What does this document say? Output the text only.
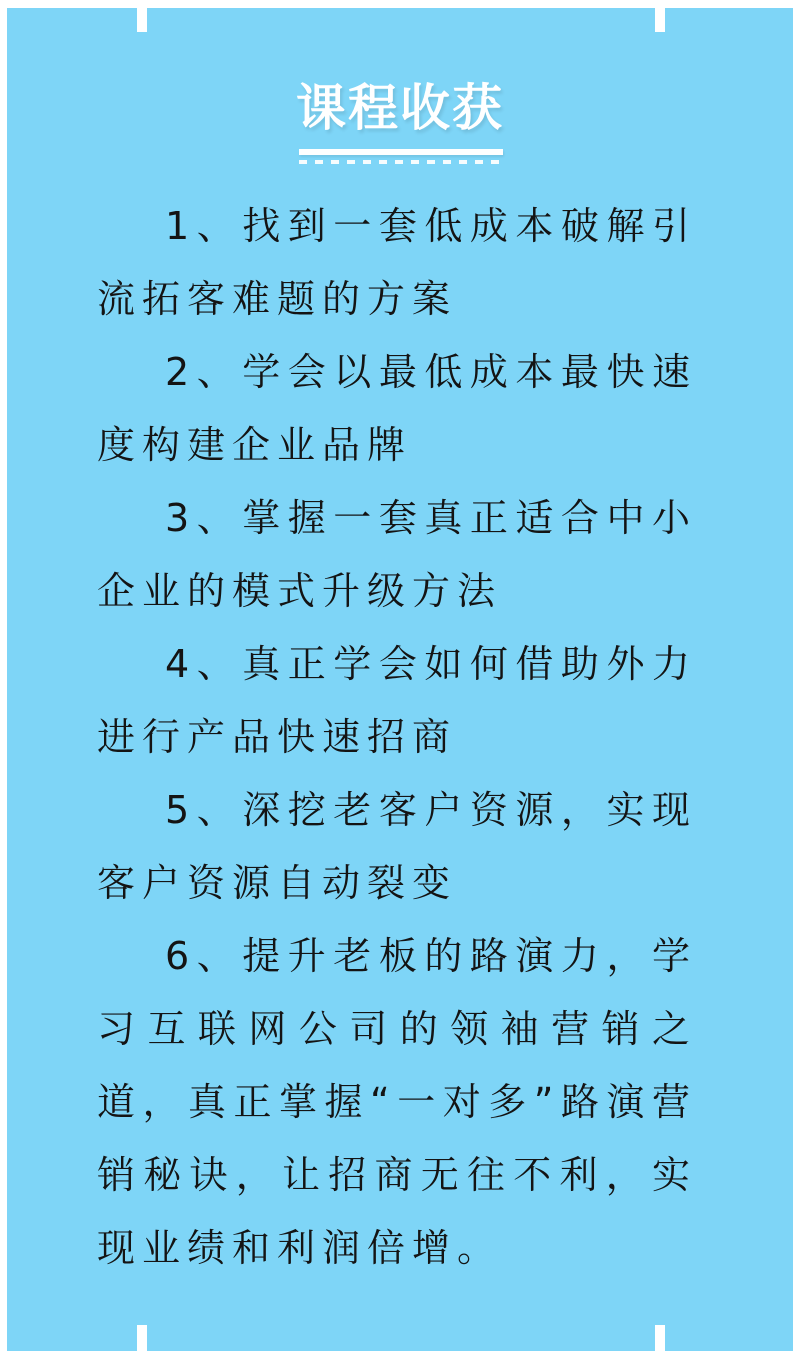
课程收获

1、找到一套低成本破解引流拓客难题的方案

2、学会以最低成本最快速度构建企业品牌

3、掌握一套真正适合中小企业的模式升级方法

4、真正学会如何借助外力进行产品快速招商

5、深挖老客户资源，实现客户资源自动裂变

6、提升老板的路演力，学习互联网公司的领袖营销之道，真正掌握“一对多”路演营销秘诀，让招商无往不利，实现业绩和利润倍增。
